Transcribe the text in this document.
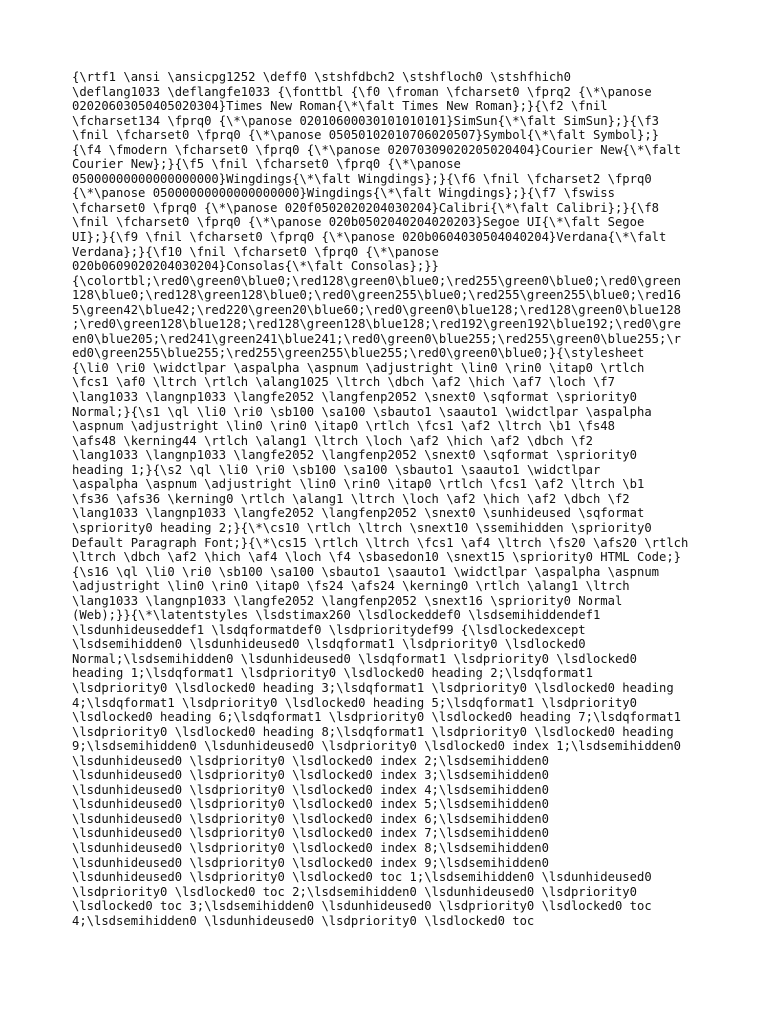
{\rtf1 \ansi \ansicpg1252 \deff0 \stshfdbch2 \stshfloch0 \stshfhich0
\deflang1033 \deflangfe1033 {\fonttbl {\f0 \froman \fcharset0 \fprq2 {\*\panose
02020603050405020304}Times New Roman{\*\falt Times New Roman};}{\f2 \fnil
\fcharset134 \fprq0 {\*\panose 02010600030101010101}SimSun{\*\falt SimSun};}{\f3
\fnil \fcharset0 \fprq0 {\*\panose 05050102010706020507}Symbol{\*\falt Symbol};}
{\f4 \fmodern \fcharset0 \fprq0 {\*\panose 02070309020205020404}Courier New{\*\falt
Courier New};}{\f5 \fnil \fcharset0 \fprq0 {\*\panose
05000000000000000000}Wingdings{\*\falt Wingdings};}{\f6 \fnil \fcharset2 \fprq0
{\*\panose 05000000000000000000}Wingdings{\*\falt Wingdings};}{\f7 \fswiss
\fcharset0 \fprq0 {\*\panose 020f0502020204030204}Calibri{\*\falt Calibri};}{\f8
\fnil \fcharset0 \fprq0 {\*\panose 020b0502040204020203}Segoe UI{\*\falt Segoe
UI};}{\f9 \fnil \fcharset0 \fprq0 {\*\panose 020b0604030504040204}Verdana{\*\falt
Verdana};}{\f10 \fnil \fcharset0 \fprq0 {\*\panose
020b0609020204030204}Consolas{\*\falt Consolas};}}
{\colortbl;\red0\green0\blue0;\red128\green0\blue0;\red255\green0\blue0;\red0\green
128\blue0;\red128\green128\blue0;\red0\green255\blue0;\red255\green255\blue0;\red16
5\green42\blue42;\red220\green20\blue60;\red0\green0\blue128;\red128\green0\blue128
;\red0\green128\blue128;\red128\green128\blue128;\red192\green192\blue192;\red0\gre
en0\blue205;\red241\green241\blue241;\red0\green0\blue255;\red255\green0\blue255;\r
ed0\green255\blue255;\red255\green255\blue255;\red0\green0\blue0;}{\stylesheet
{\li0 \ri0 \widctlpar \aspalpha \aspnum \adjustright \lin0 \rin0 \itap0 \rtlch
\fcs1 \af0 \ltrch \rtlch \alang1025 \ltrch \dbch \af2 \hich \af7 \loch \f7
\lang1033 \langnp1033 \langfe2052 \langfenp2052 \snext0 \sqformat \spriority0
Normal;}{\s1 \ql \li0 \ri0 \sb100 \sa100 \sbauto1 \saauto1 \widctlpar \aspalpha
\aspnum \adjustright \lin0 \rin0 \itap0 \rtlch \fcs1 \af2 \ltrch \b1 \fs48
\afs48 \kerning44 \rtlch \alang1 \ltrch \loch \af2 \hich \af2 \dbch \f2
\lang1033 \langnp1033 \langfe2052 \langfenp2052 \snext0 \sqformat \spriority0
heading 1;}{\s2 \ql \li0 \ri0 \sb100 \sa100 \sbauto1 \saauto1 \widctlpar
\aspalpha \aspnum \adjustright \lin0 \rin0 \itap0 \rtlch \fcs1 \af2 \ltrch \b1
\fs36 \afs36 \kerning0 \rtlch \alang1 \ltrch \loch \af2 \hich \af2 \dbch \f2
\lang1033 \langnp1033 \langfe2052 \langfenp2052 \snext0 \sunhideused \sqformat
\spriority0 heading 2;}{\*\cs10 \rtlch \ltrch \snext10 \ssemihidden \spriority0
Default Paragraph Font;}{\*\cs15 \rtlch \ltrch \fcs1 \af4 \ltrch \fs20 \afs20 \rtlch
\ltrch \dbch \af2 \hich \af4 \loch \f4 \sbasedon10 \snext15 \spriority0 HTML Code;}
{\s16 \ql \li0 \ri0 \sb100 \sa100 \sbauto1 \saauto1 \widctlpar \aspalpha \aspnum
\adjustright \lin0 \rin0 \itap0 \fs24 \afs24 \kerning0 \rtlch \alang1 \ltrch
\lang1033 \langnp1033 \langfe2052 \langfenp2052 \snext16 \spriority0 Normal
(Web);}}{\*\latentstyles \lsdstimax260 \lsdlockeddef0 \lsdsemihiddendef1
\lsdunhideuseddef1 \lsdqformatdef0 \lsdprioritydef99 {\lsdlockedexcept
\lsdsemihidden0 \lsdunhideused0 \lsdqformat1 \lsdpriority0 \lsdlocked0
Normal;\lsdsemihidden0 \lsdunhideused0 \lsdqformat1 \lsdpriority0 \lsdlocked0
heading 1;\lsdqformat1 \lsdpriority0 \lsdlocked0 heading 2;\lsdqformat1
\lsdpriority0 \lsdlocked0 heading 3;\lsdqformat1 \lsdpriority0 \lsdlocked0 heading
4;\lsdqformat1 \lsdpriority0 \lsdlocked0 heading 5;\lsdqformat1 \lsdpriority0
\lsdlocked0 heading 6;\lsdqformat1 \lsdpriority0 \lsdlocked0 heading 7;\lsdqformat1
\lsdpriority0 \lsdlocked0 heading 8;\lsdqformat1 \lsdpriority0 \lsdlocked0 heading
9;\lsdsemihidden0 \lsdunhideused0 \lsdpriority0 \lsdlocked0 index 1;\lsdsemihidden0
\lsdunhideused0 \lsdpriority0 \lsdlocked0 index 2;\lsdsemihidden0
\lsdunhideused0 \lsdpriority0 \lsdlocked0 index 3;\lsdsemihidden0
\lsdunhideused0 \lsdpriority0 \lsdlocked0 index 4;\lsdsemihidden0
\lsdunhideused0 \lsdpriority0 \lsdlocked0 index 5;\lsdsemihidden0
\lsdunhideused0 \lsdpriority0 \lsdlocked0 index 6;\lsdsemihidden0
\lsdunhideused0 \lsdpriority0 \lsdlocked0 index 7;\lsdsemihidden0
\lsdunhideused0 \lsdpriority0 \lsdlocked0 index 8;\lsdsemihidden0
\lsdunhideused0 \lsdpriority0 \lsdlocked0 index 9;\lsdsemihidden0
\lsdunhideused0 \lsdpriority0 \lsdlocked0 toc 1;\lsdsemihidden0 \lsdunhideused0
\lsdpriority0 \lsdlocked0 toc 2;\lsdsemihidden0 \lsdunhideused0 \lsdpriority0
\lsdlocked0 toc 3;\lsdsemihidden0 \lsdunhideused0 \lsdpriority0 \lsdlocked0 toc
4;\lsdsemihidden0 \lsdunhideused0 \lsdpriority0 \lsdlocked0 toc
